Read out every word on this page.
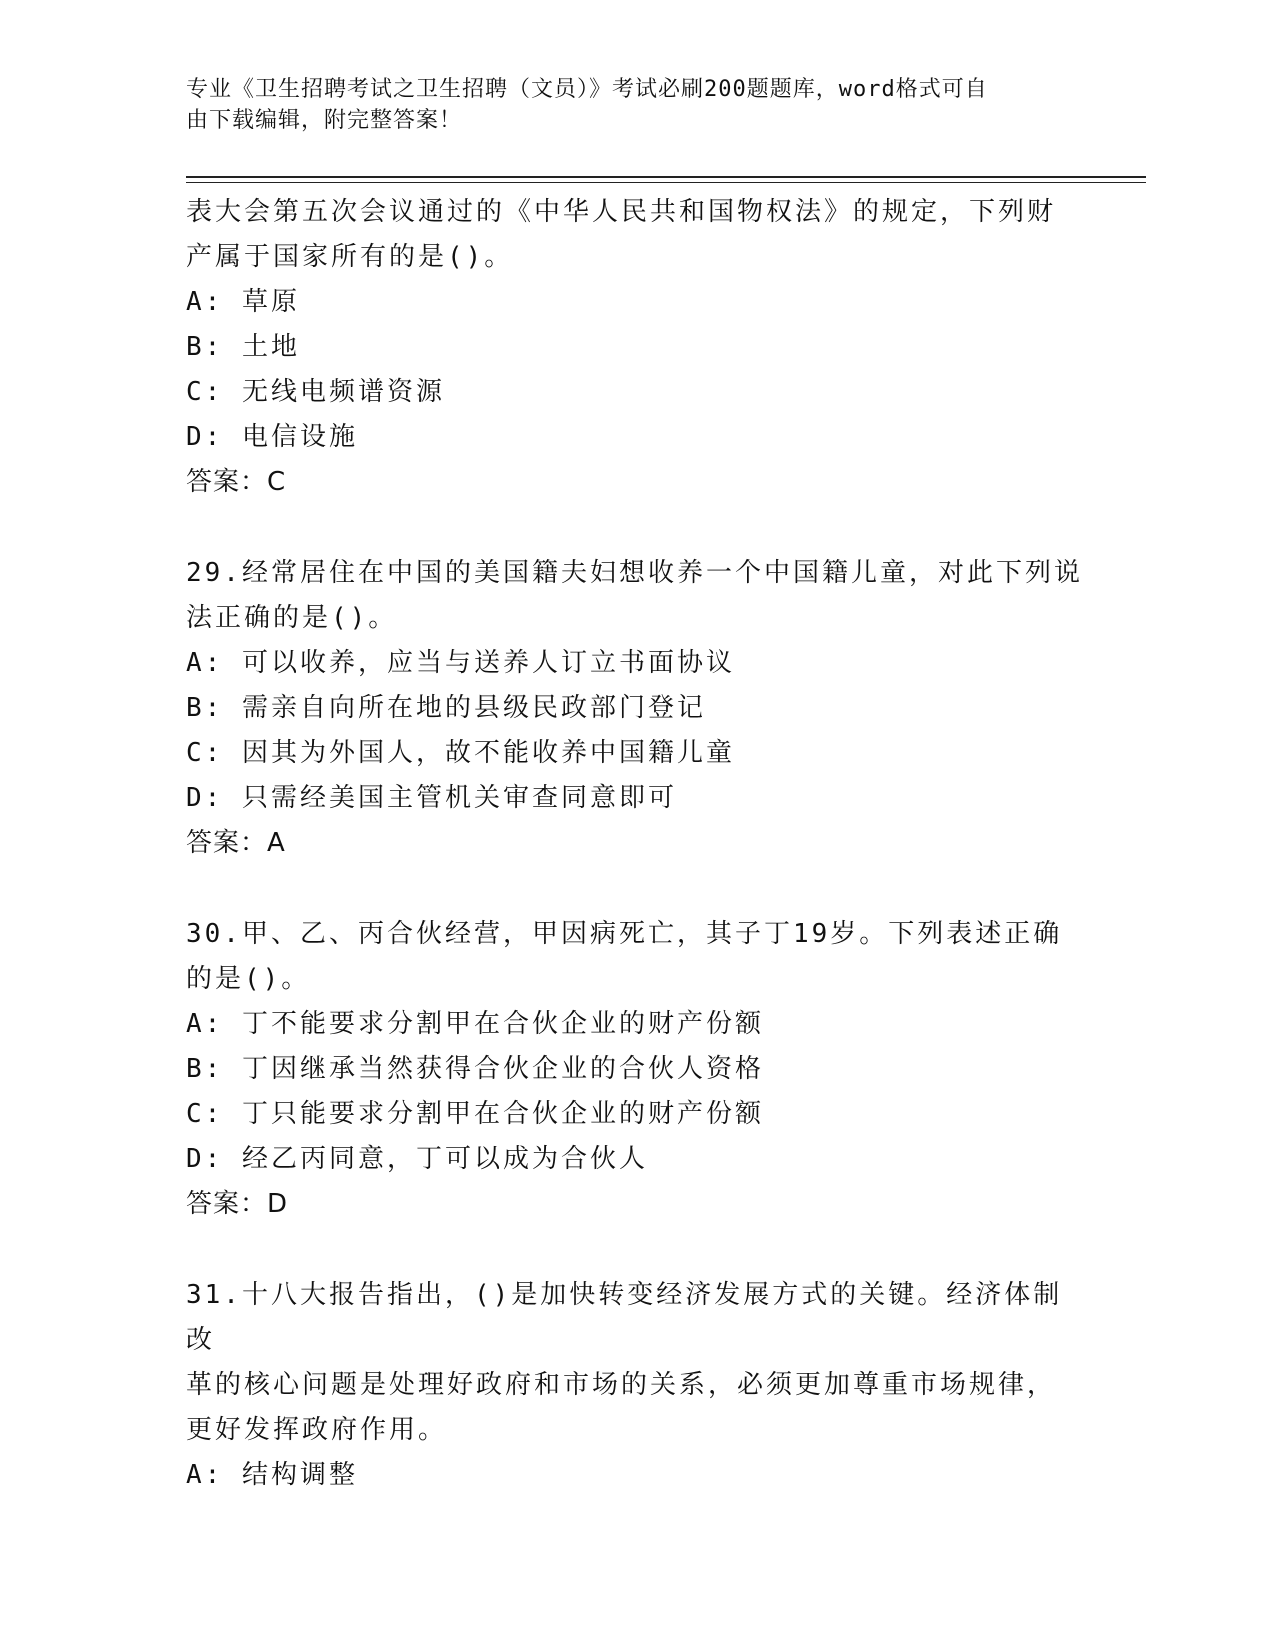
专业《卫生招聘考试之卫生招聘（文员）》考试必刷200题题库，word格式可自
由下载编辑，附完整答案！
表大会第五次会议通过的《中华人民共和国物权法》的规定，下列财
产属于国家所有的是()。
A: 草原
B: 土地
C: 无线电频谱资源
D: 电信设施
答案：C
29.经常居住在中国的美国籍夫妇想收养一个中国籍儿童，对此下列说
法正确的是()。
A: 可以收养，应当与送养人订立书面协议
B: 需亲自向所在地的县级民政部门登记
C: 因其为外国人，故不能收养中国籍儿童
D: 只需经美国主管机关审查同意即可
答案：A
30.甲、乙、丙合伙经营，甲因病死亡，其子丁19岁。下列表述正确
的是()。
A: 丁不能要求分割甲在合伙企业的财产份额
B: 丁因继承当然获得合伙企业的合伙人资格
C: 丁只能要求分割甲在合伙企业的财产份额
D: 经乙丙同意，丁可以成为合伙人
答案：D
31.十八大报告指出，()是加快转变经济发展方式的关键。经济体制改
革的核心问题是处理好政府和市场的关系，必须更加尊重市场规律，
更好发挥政府作用。
A: 结构调整
